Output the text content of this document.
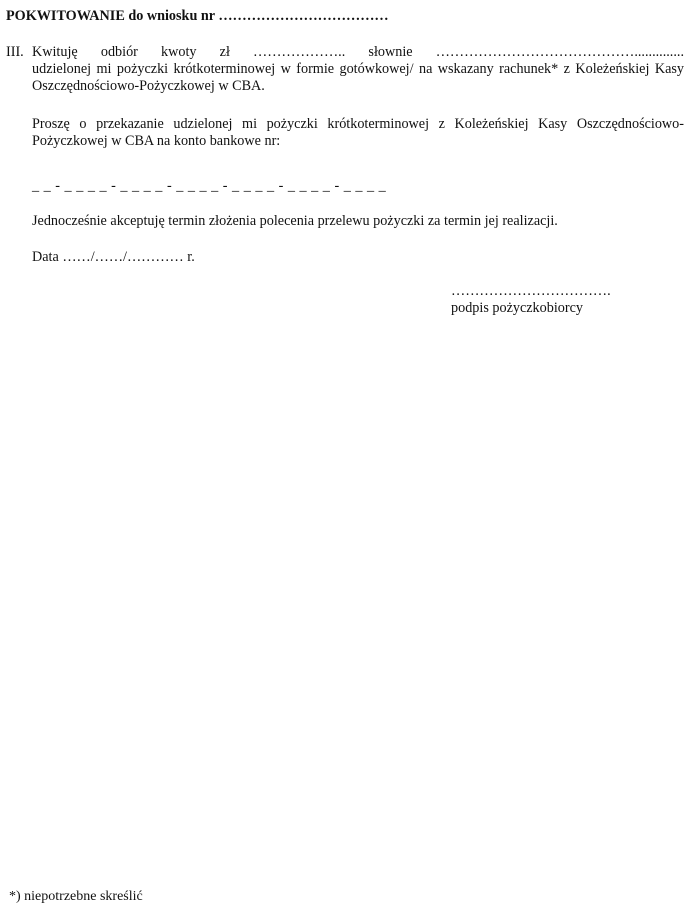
POKWITOWANIE do wniosku nr ………………………………
III. Kwituję odbiór kwoty zł ……………….. słownie ……………………………………..............
udzielonej mi pożyczki krótkoterminowej w formie gotówkowej/ na wskazany rachunek* z Koleżeńskiej Kasy Oszczędnościowo-Pożyczkowej w CBA.
Proszę o przekazanie udzielonej mi pożyczki krótkoterminowej z Koleżeńskiej Kasy Oszczędnościowo-Pożyczkowej w CBA na konto bankowe nr:
_ _ - _ _ _ _ - _ _ _ _ - _ _ _ _ - _ _ _ _ - _ _ _ _ - _ _ _ _
Jednocześnie akceptuję termin złożenia polecenia przelewu pożyczki za termin jej realizacji.
Data ……/……/………… r.
…………………………….
podpis pożyczkobiorcy
*) niepotrzebne skreślić
